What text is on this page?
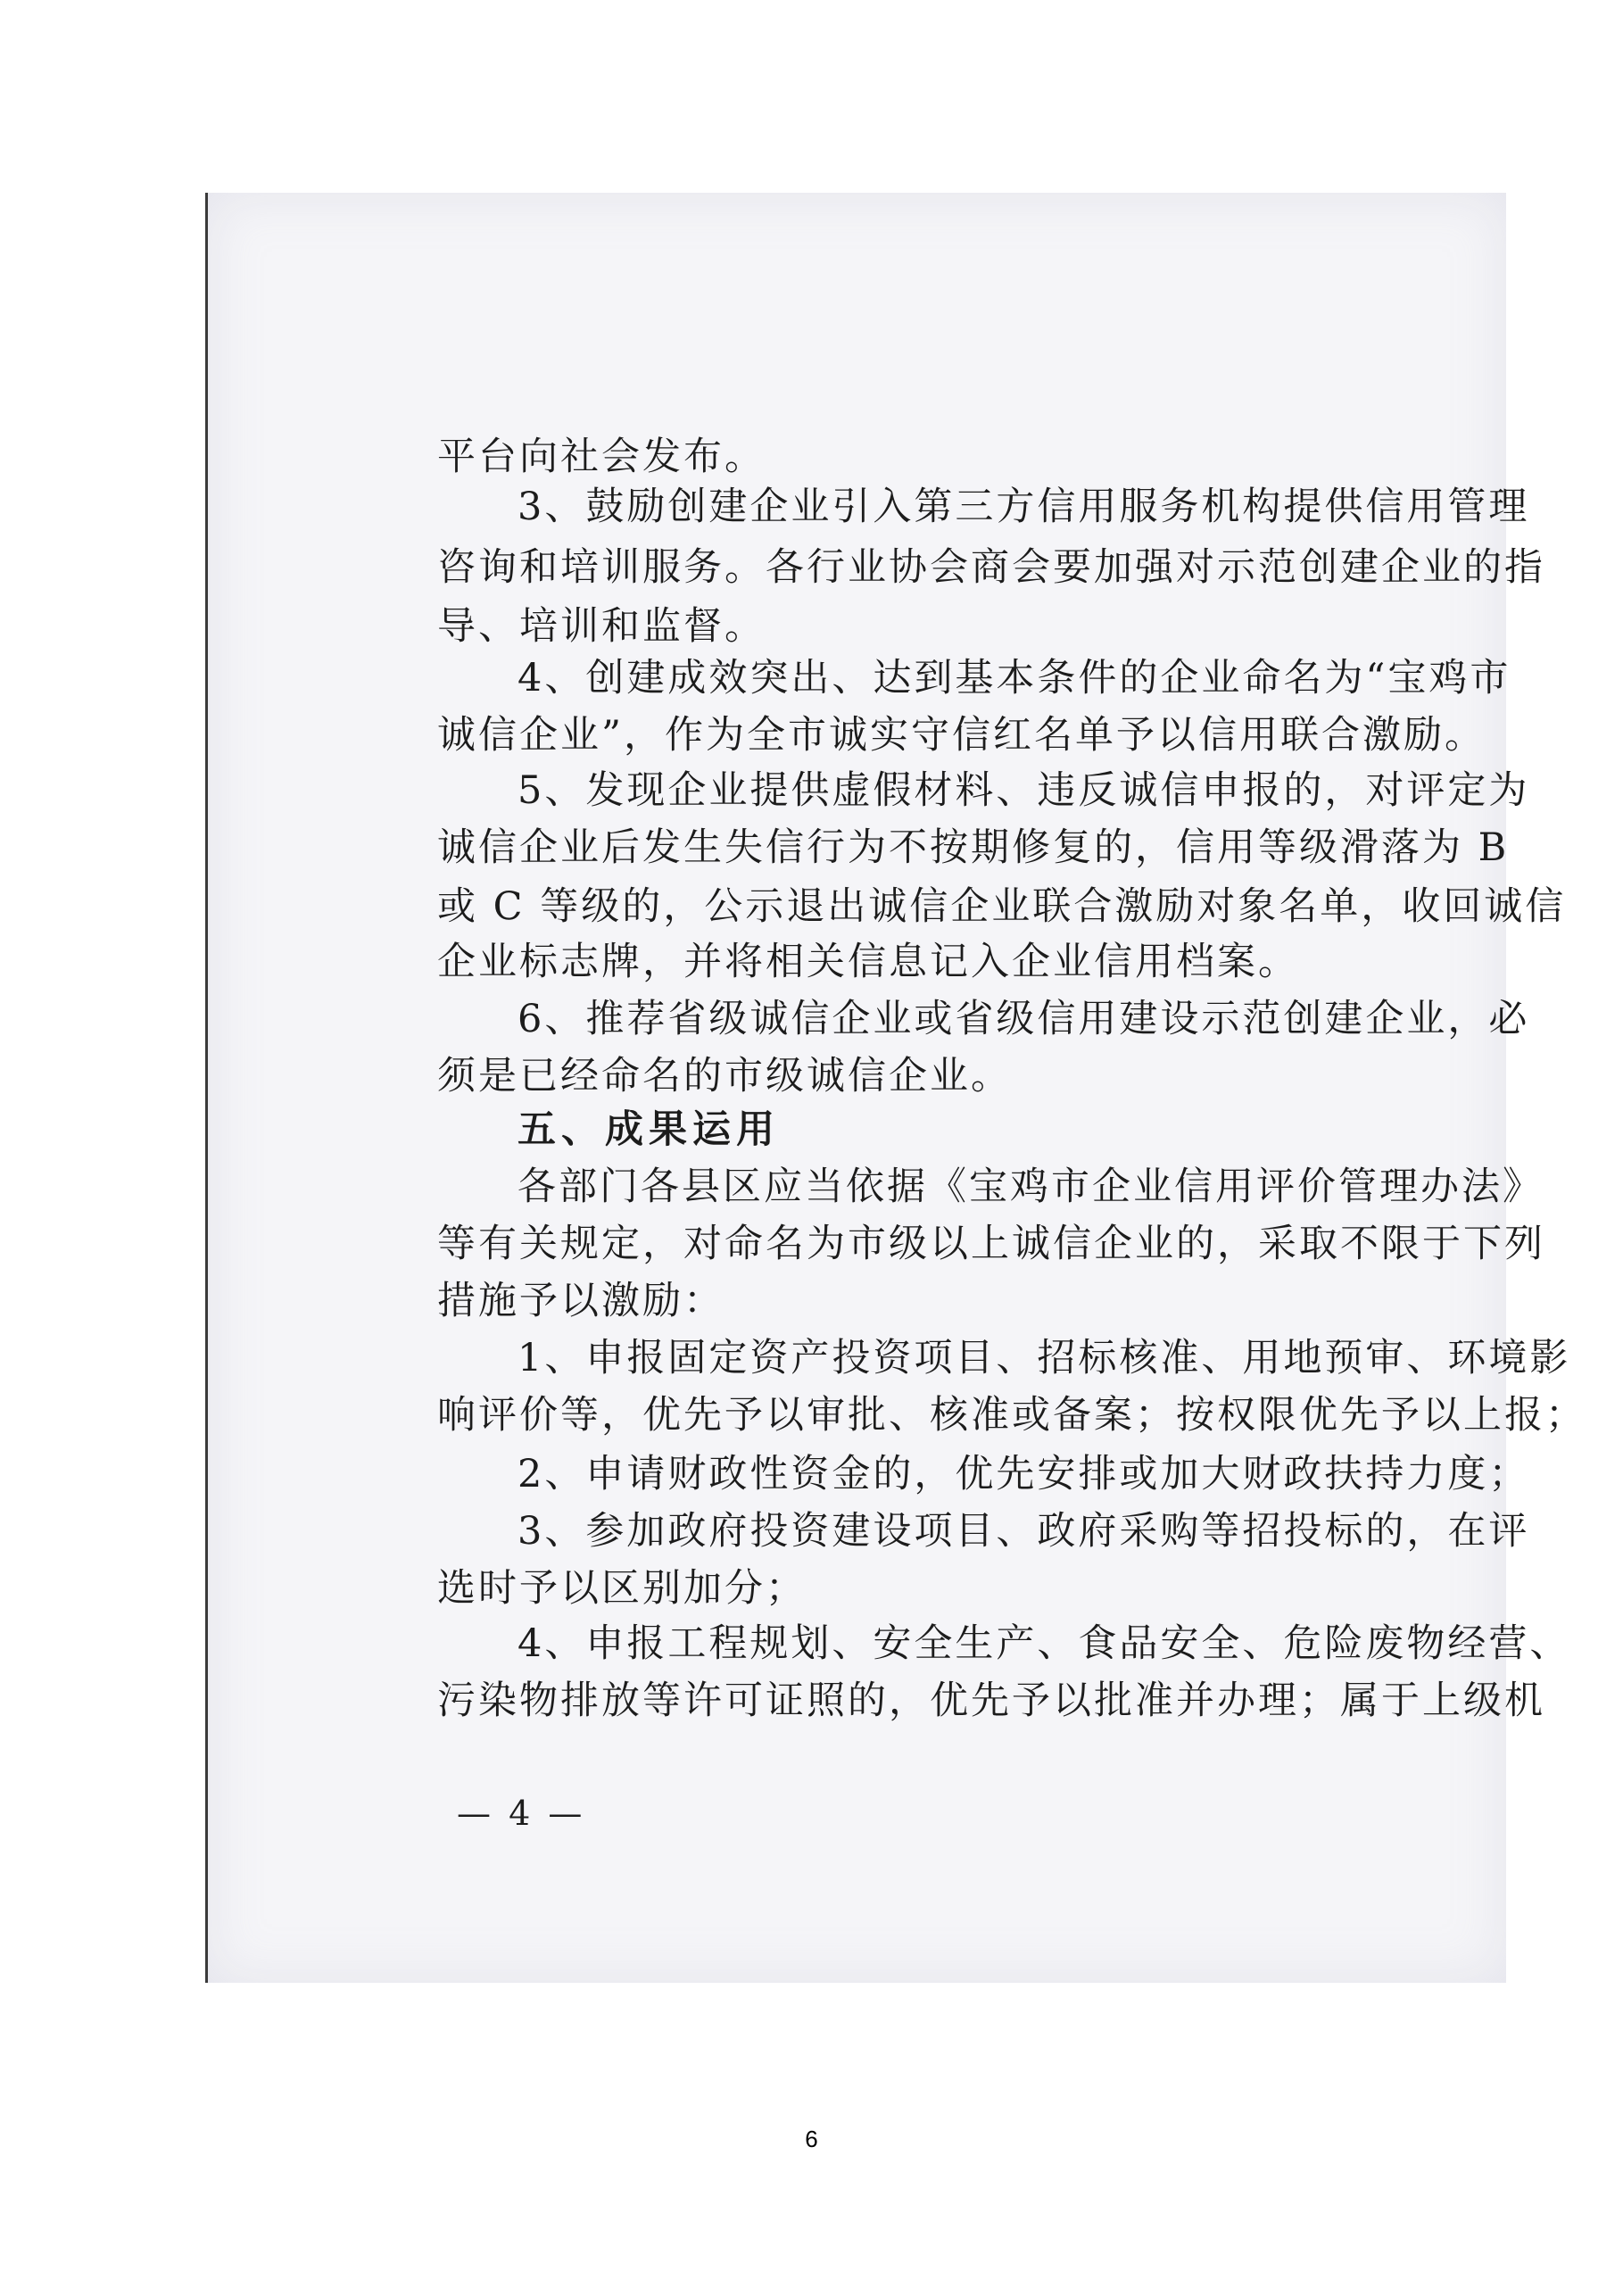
平台向社会发布。
3、鼓励创建企业引入第三方信用服务机构提供信用管理
咨询和培训服务。各行业协会商会要加强对示范创建企业的指
导、培训和监督。
4、创建成效突出、达到基本条件的企业命名为“宝鸡市
诚信企业”，作为全市诚实守信红名单予以信用联合激励。
5、发现企业提供虚假材料、违反诚信申报的，对评定为
诚信企业后发生失信行为不按期修复的，信用等级滑落为 B
或 C 等级的，公示退出诚信企业联合激励对象名单，收回诚信
企业标志牌，并将相关信息记入企业信用档案。
6、推荐省级诚信企业或省级信用建设示范创建企业，必
须是已经命名的市级诚信企业。
五、成果运用
各部门各县区应当依据《宝鸡市企业信用评价管理办法》
等有关规定，对命名为市级以上诚信企业的，采取不限于下列
措施予以激励：
1、申报固定资产投资项目、招标核准、用地预审、环境影
响评价等，优先予以审批、核准或备案；按权限优先予以上报；
2、申请财政性资金的，优先安排或加大财政扶持力度；
3、参加政府投资建设项目、政府采购等招投标的，在评
选时予以区别加分；
4、申报工程规划、安全生产、食品安全、危险废物经营、
污染物排放等许可证照的，优先予以批准并办理；属于上级机
— 4 —
6
